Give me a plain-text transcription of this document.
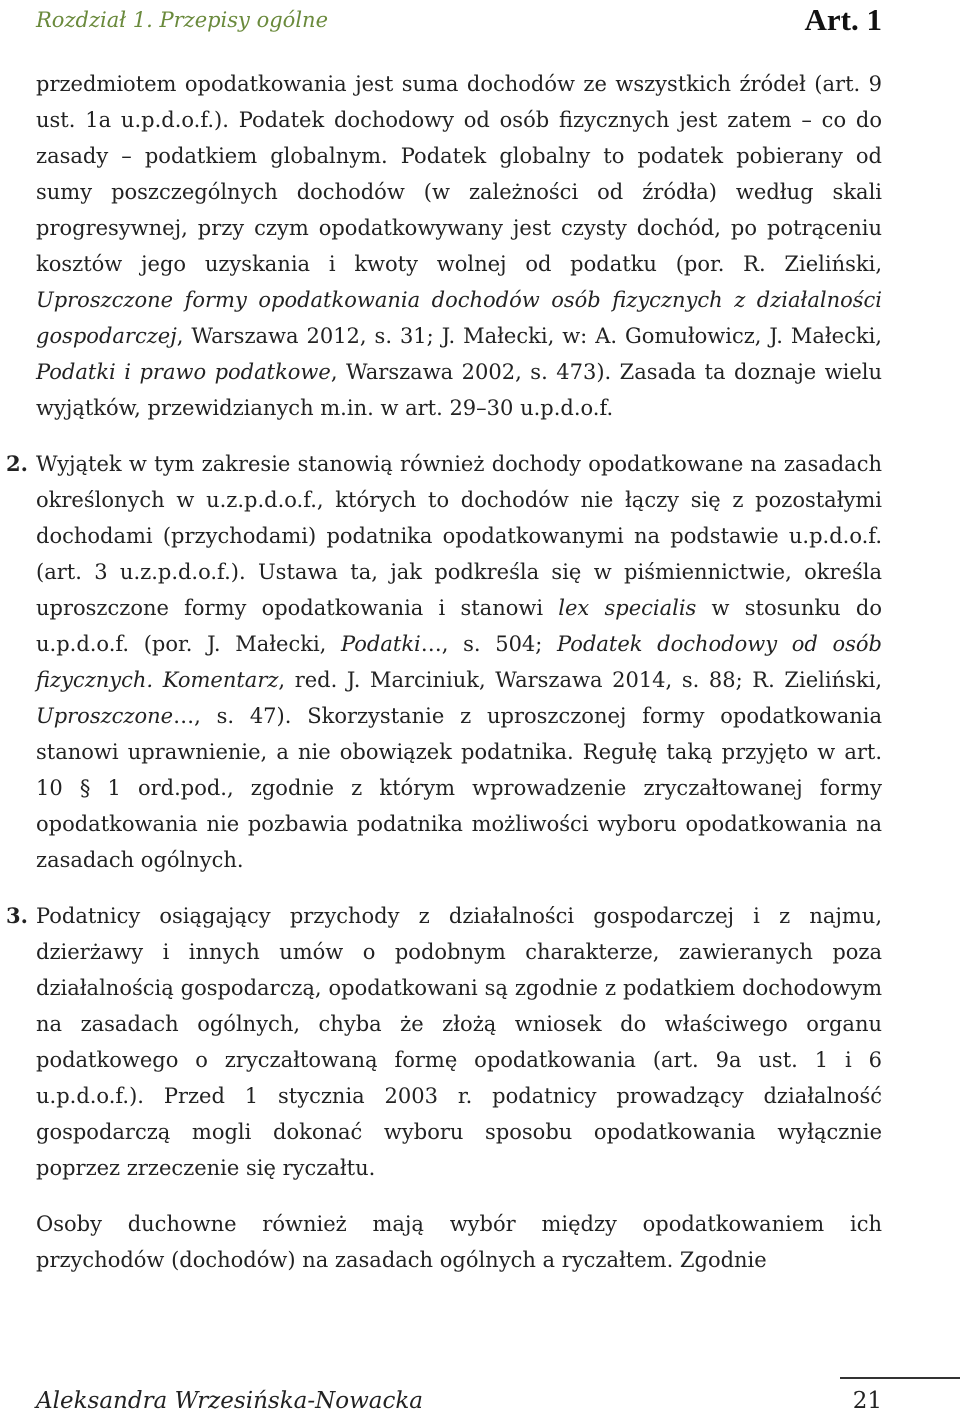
Rozdział 1. Przepisy ogólne	Art. 1

przedmiotem opodatkowania jest suma dochodów ze wszystkich źródeł (art. 9 ust. 1a u.p.d.o.f.). Podatek dochodowy od osób fizycznych jest zatem – co do zasady – podatkiem globalnym. Podatek globalny to podatek pobierany od sumy poszczególnych dochodów (w zależności od źródła) według skali progresywnej, przy czym opodatkowywany jest czysty dochód, po potrąceniu kosztów jego uzyskania i kwoty wolnej od podatku (por. R. Zieliński, Uproszczone formy opodatkowania dochodów osób fizycznych z działalności gospodarczej, Warszawa 2012, s. 31; J. Małecki, w: A. Gomułowicz, J. Małecki, Podatki i prawo podatkowe, Warszawa 2002, s. 473). Zasada ta doznaje wielu wyjątków, przewidzianych m.in. w art. 29–30 u.p.d.o.f.

2. Wyjątek w tym zakresie stanowią również dochody opodatkowane na zasadach określonych w u.z.p.d.o.f., których to dochodów nie łączy się z pozostałymi dochodami (przychodami) podatnika opodatkowanymi na podstawie u.p.d.o.f. (art. 3 u.z.p.d.o.f.). Ustawa ta, jak podkreśla się w piśmiennictwie, określa uproszczone formy opodatkowania i stanowi lex specialis w stosunku do u.p.d.o.f. (por. J. Małecki, Podatki…, s. 504; Podatek dochodowy od osób fizycznych. Komentarz, red. J. Marciniuk, Warszawa 2014, s. 88; R. Zieliński, Uproszczone…, s. 47). Skorzystanie z uproszczonej formy opodatkowania stanowi uprawnienie, a nie obowiązek podatnika. Regułę taką przyjęto w art. 10 § 1 ord.pod., zgodnie z którym wprowadzenie zryczałtowanej formy opodatkowania nie pozbawia podatnika możliwości wyboru opodatkowania na zasadach ogólnych.

3. Podatnicy osiągający przychody z działalności gospodarczej i z najmu, dzierżawy i innych umów o podobnym charakterze, zawieranych poza działalnością gospodarczą, opodatkowani są zgodnie z podatkiem dochodowym na zasadach ogólnych, chyba że złożą wniosek do właściwego organu podatkowego o zryczałtowaną formę opodatkowania (art. 9a ust. 1 i 6 u.p.d.o.f.). Przed 1 stycznia 2003 r. podatnicy prowadzący działalność gospodarczą mogli dokonać wyboru sposobu opodatkowania wyłącznie poprzez zrzeczenie się ryczałtu.

Osoby duchowne również mają wybór między opodatkowaniem ich przychodów (dochodów) na zasadach ogólnych a ryczałtem. Zgodnie

Aleksandra Wrzesińska-Nowacka	21
